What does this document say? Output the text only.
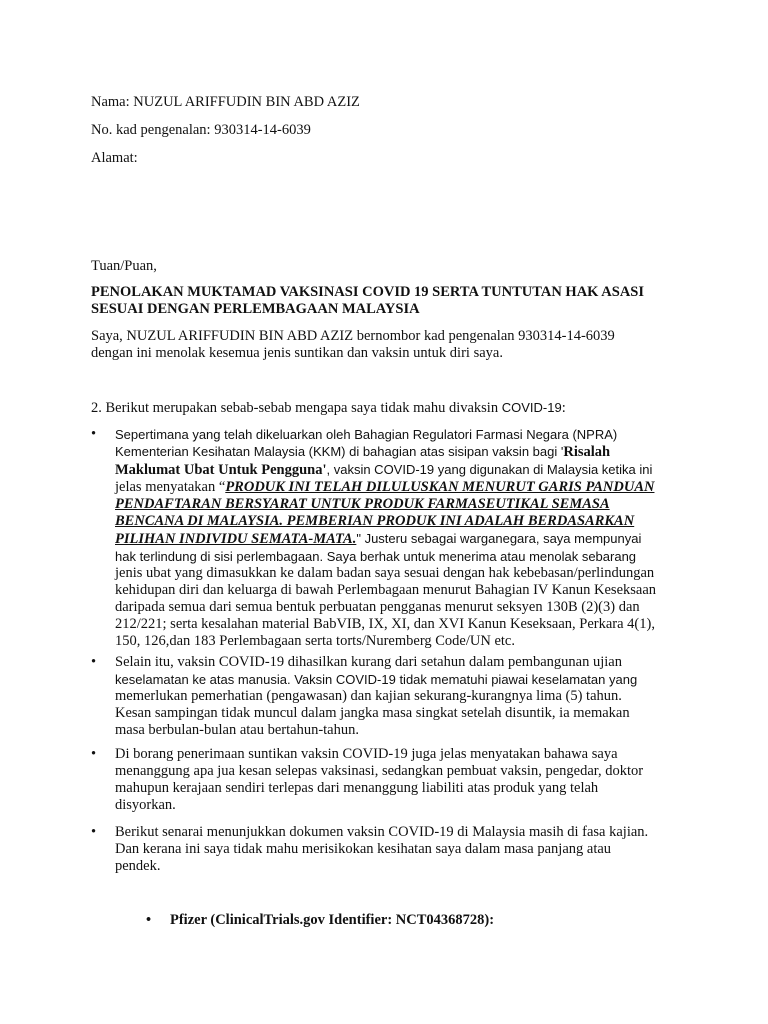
Nama: NUZUL ARIFFUDIN BIN ABD AZIZ
No. kad pengenalan: 930314-14-6039
Alamat:
Tuan/Puan,
PENOLAKAN MUKTAMAD VAKSINASI COVID 19 SERTA TUNTUTAN HAK ASASI
SESUAI DENGAN PERLEMBAGAAN MALAYSIA
Saya, NUZUL ARIFFUDIN BIN ABD AZIZ bernombor kad pengenalan 930314-14-6039
dengan ini menolak kesemua jenis suntikan dan vaksin untuk diri saya.
2. Berikut merupakan sebab-sebab mengapa saya tidak mahu divaksin COVID-19:
•	Sepertimana yang telah dikeluarkan oleh Bahagian Regulatori Farmasi Negara (NPRA)
Kementerian Kesihatan Malaysia (KKM) di bahagian atas sisipan vaksin bagi 'Risalah
Maklumat Ubat Untuk Pengguna', vaksin COVID-19 yang digunakan di Malaysia ketika ini
jelas menyatakan “PRODUK INI TELAH DILULUSKAN MENURUT GARIS PANDUAN
PENDAFTARAN BERSYARAT UNTUK PRODUK FARMASEUTIKAL SEMASA
BENCANA DI MALAYSIA. PEMBERIAN PRODUK INI ADALAH BERDASARKAN
PILIHAN INDIVIDU SEMATA-MATA." Justeru sebagai warganegara, saya mempunyai
hak terlindung di sisi perlembagaan. Saya berhak untuk menerima atau menolak sebarang
jenis ubat yang dimasukkan ke dalam badan saya sesuai dengan hak kebebasan/perlindungan
kehidupan diri dan keluarga di bawah Perlembagaan menurut Bahagian IV Kanun Keseksaan
daripada semua dari semua bentuk perbuatan pengganas menurut seksyen 130B (2)(3) dan
212/221; serta kesalahan material BabVIB, IX, XI, dan XVI Kanun Keseksaan, Perkara 4(1),
150, 126,dan 183 Perlembagaan serta torts/Nuremberg Code/UN etc.
•	Selain itu, vaksin COVID-19 dihasilkan kurang dari setahun dalam pembangunan ujian
keselamatan ke atas manusia. Vaksin COVID-19 tidak mematuhi piawai keselamatan yang
memerlukan pemerhatian (pengawasan) dan kajian sekurang-kurangnya lima (5) tahun.
Kesan sampingan tidak muncul dalam jangka masa singkat setelah disuntik, ia memakan
masa berbulan-bulan atau bertahun-tahun.
•	Di borang penerimaan suntikan vaksin COVID-19 juga jelas menyatakan bahawa saya
menanggung apa jua kesan selepas vaksinasi, sedangkan pembuat vaksin, pengedar, doktor
mahupun kerajaan sendiri terlepas dari menanggung liabiliti atas produk yang telah
disyorkan.
•	Berikut senarai menunjukkan dokumen vaksin COVID-19 di Malaysia masih di fasa kajian.
Dan kerana ini saya tidak mahu merisikokan kesihatan saya dalam masa panjang atau
pendek.
•	Pfizer (ClinicalTrials.gov Identifier: NCT04368728):
